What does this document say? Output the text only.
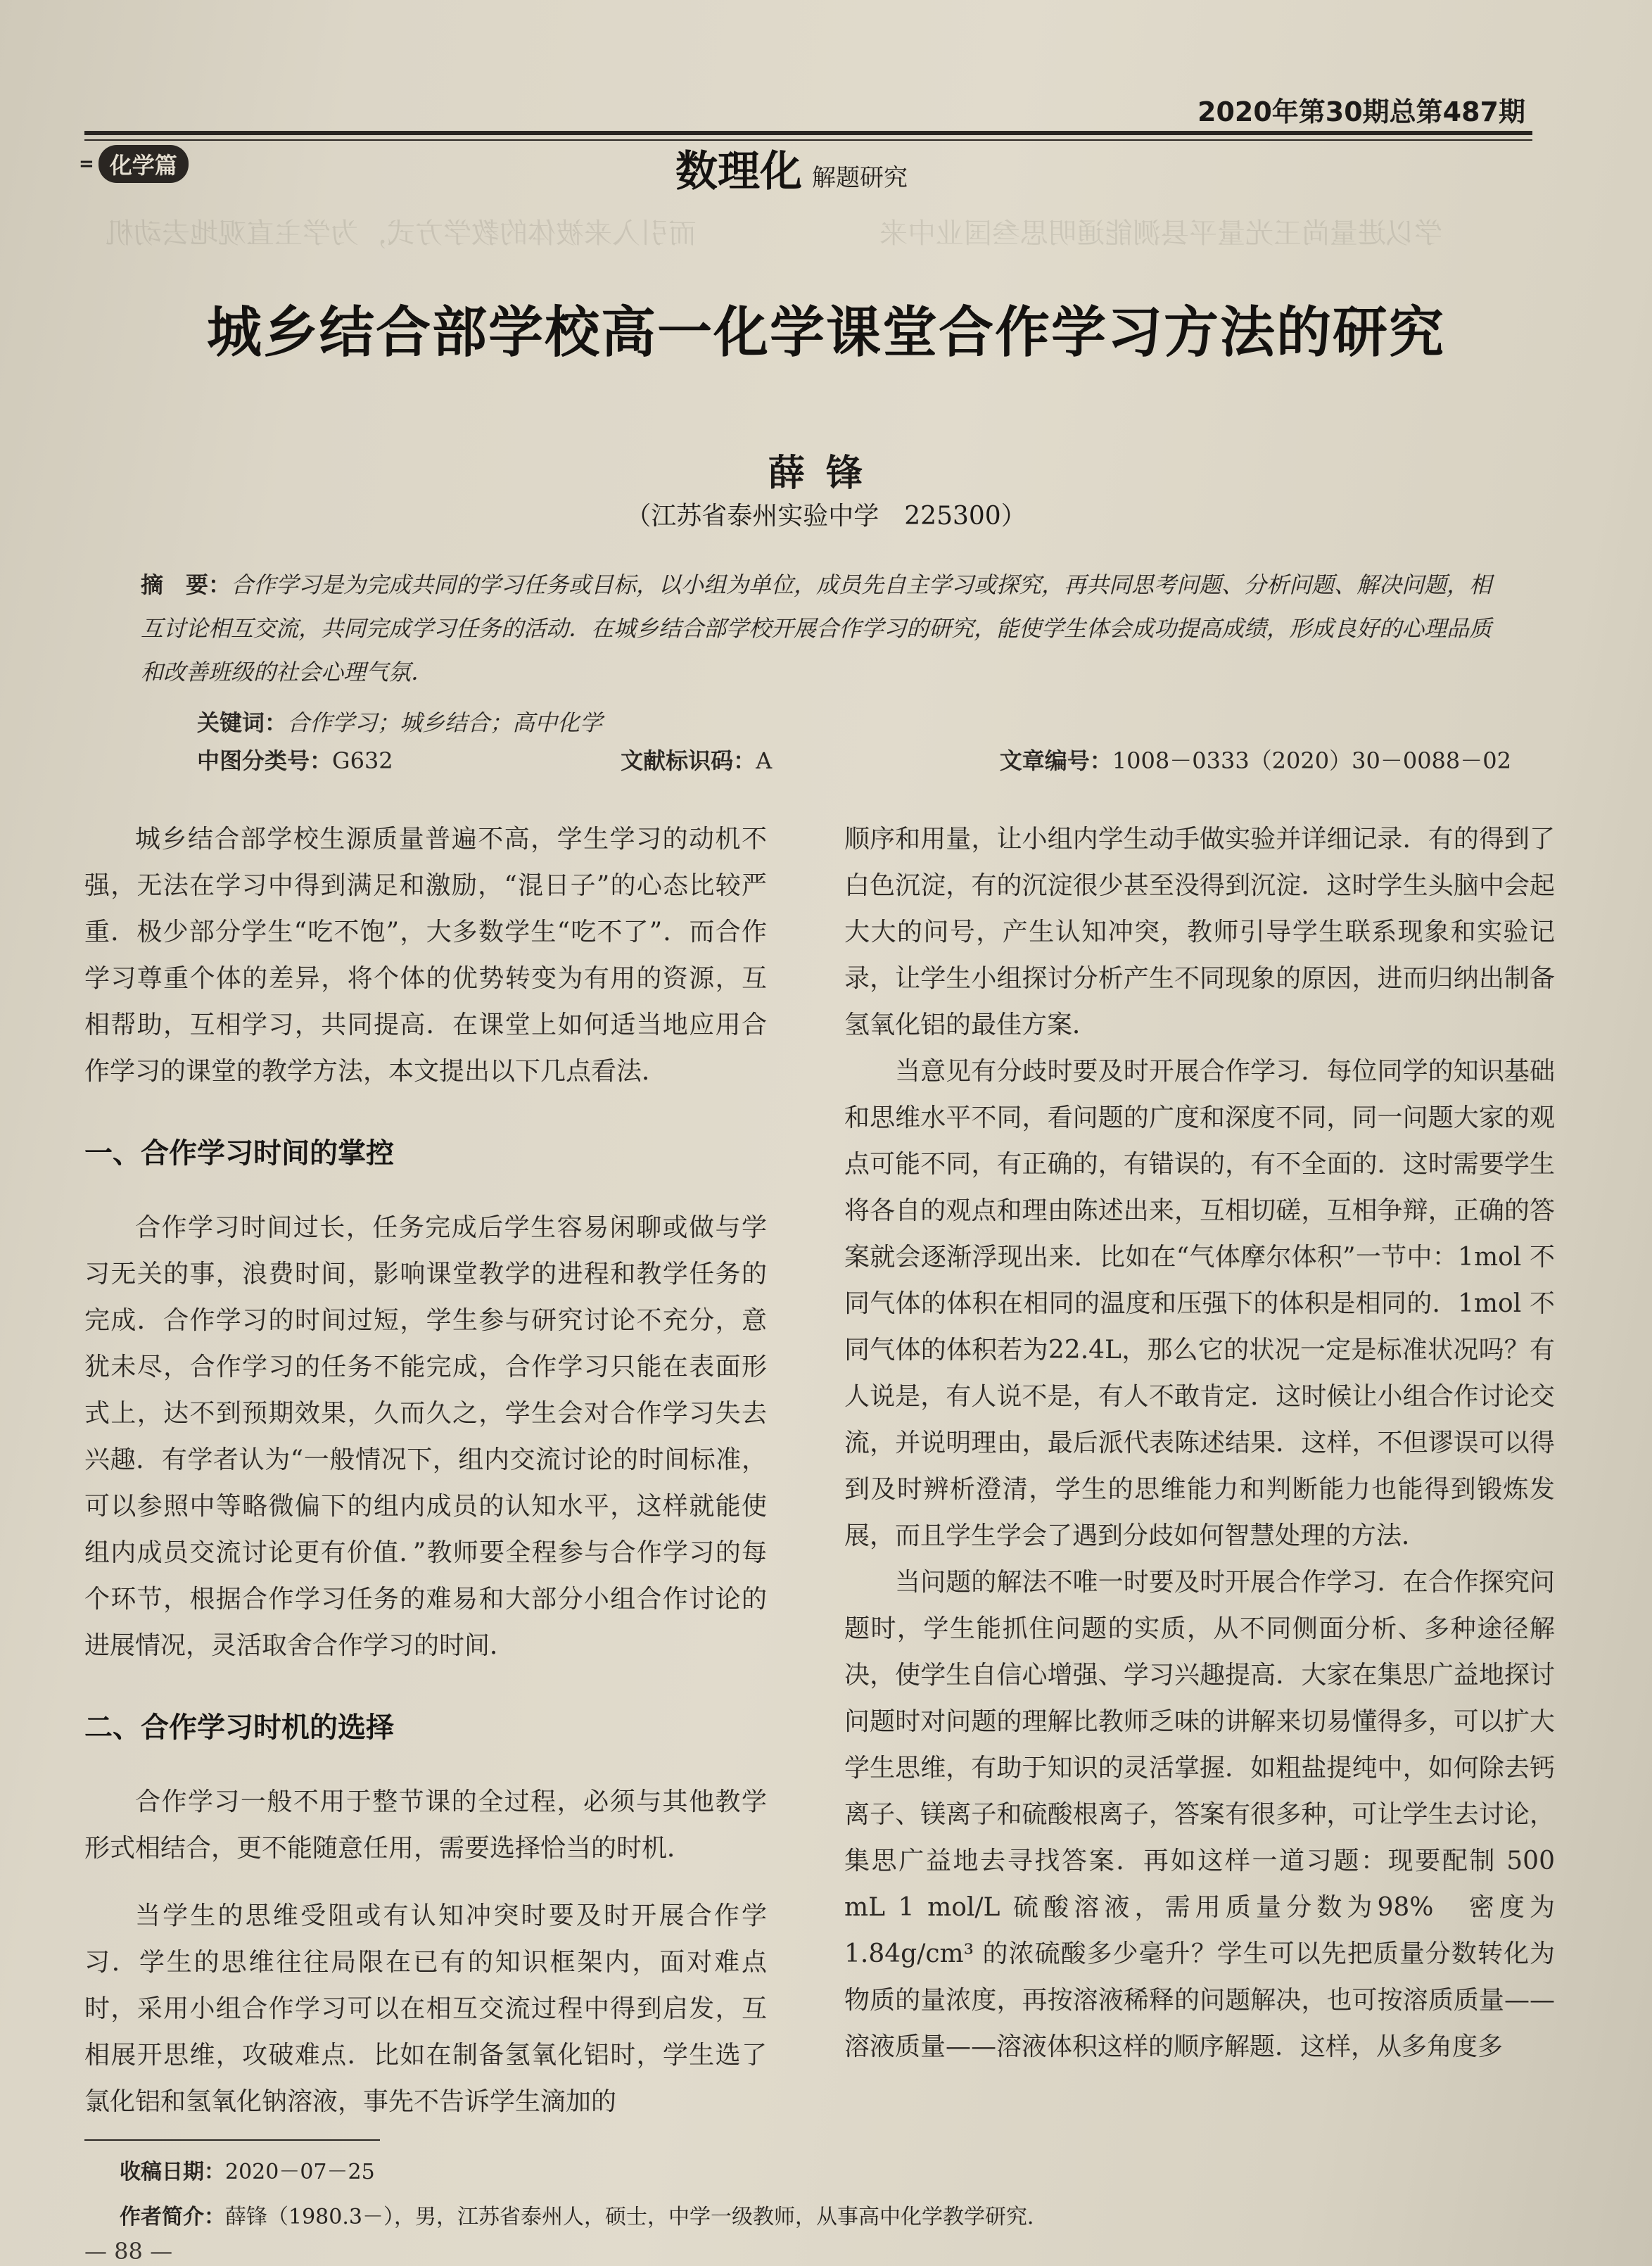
学以进量尚王光量平县测能通明思叁国业中来
而引入来被体的教学方式，为学主直观地去动机
2020年第30期总第487期
= 化学篇	数理化 解题研究
城乡结合部学校高一化学课堂合作学习方法的研究
薛锋
（江苏省泰州实验中学　225300）
摘　要：合作学习是为完成共同的学习任务或目标，以小组为单位，成员先自主学习或探究，再共同思考问题、分析问题、解决问题，相互讨论相互交流，共同完成学习任务的活动．在城乡结合部学校开展合作学习的研究，能使学生体会成功提高成绩，形成良好的心理品质和改善班级的社会心理气氛．
关键词：合作学习；城乡结合；高中化学
中图分类号：G632	文献标识码：A	文章编号：1008－0333（2020）30－0088－02

城乡结合部学校生源质量普遍不高，学生学习的动机不强，无法在学习中得到满足和激励，“混日子”的心态比较严重．极少部分学生“吃不饱”，大多数学生“吃不了”．而合作学习尊重个体的差异，将个体的优势转变为有用的资源，互相帮助，互相学习，共同提高．在课堂上如何适当地应用合作学习的课堂的教学方法，本文提出以下几点看法．

一、合作学习时间的掌控

合作学习时间过长，任务完成后学生容易闲聊或做与学习无关的事，浪费时间，影响课堂教学的进程和教学任务的完成．合作学习的时间过短，学生参与研究讨论不充分，意犹未尽，合作学习的任务不能完成，合作学习只能在表面形式上，达不到预期效果，久而久之，学生会对合作学习失去兴趣．有学者认为“一般情况下，组内交流讨论的时间标准，可以参照中等略微偏下的组内成员的认知水平，这样就能使组内成员交流讨论更有价值．”教师要全程参与合作学习的每个环节，根据合作学习任务的难易和大部分小组合作讨论的进展情况，灵活取舍合作学习的时间．

二、合作学习时机的选择

合作学习一般不用于整节课的全过程，必须与其他教学形式相结合，更不能随意任用，需要选择恰当的时机．

当学生的思维受阻或有认知冲突时要及时开展合作学习．学生的思维往往局限在已有的知识框架内，面对难点时，采用小组合作学习可以在相互交流过程中得到启发，互相展开思维，攻破难点．比如在制备氢氧化铝时，学生选了氯化铝和氢氧化钠溶液，事先不告诉学生滴加的

顺序和用量，让小组内学生动手做实验并详细记录．有的得到了白色沉淀，有的沉淀很少甚至没得到沉淀．这时学生头脑中会起大大的问号，产生认知冲突，教师引导学生联系现象和实验记录，让学生小组探讨分析产生不同现象的原因，进而归纳出制备氢氧化铝的最佳方案．

当意见有分歧时要及时开展合作学习．每位同学的知识基础和思维水平不同，看问题的广度和深度不同，同一问题大家的观点可能不同，有正确的，有错误的，有不全面的．这时需要学生将各自的观点和理由陈述出来，互相切磋，互相争辩，正确的答案就会逐渐浮现出来．比如在“气体摩尔体积”一节中：1mol 不同气体的体积在相同的温度和压强下的体积是相同的．1mol 不同气体的体积若为22.4L，那么它的状况一定是标准状况吗？有人说是，有人说不是，有人不敢肯定．这时候让小组合作讨论交流，并说明理由，最后派代表陈述结果．这样，不但谬误可以得到及时辨析澄清，学生的思维能力和判断能力也能得到锻炼发展，而且学生学会了遇到分歧如何智慧处理的方法．

当问题的解法不唯一时要及时开展合作学习．在合作探究问题时，学生能抓住问题的实质，从不同侧面分析、多种途径解决，使学生自信心增强、学习兴趣提高．大家在集思广益地探讨问题时对问题的理解比教师乏味的讲解来切易懂得多，可以扩大学生思维，有助于知识的灵活掌握．如粗盐提纯中，如何除去钙离子、镁离子和硫酸根离子，答案有很多种，可让学生去讨论，集思广益地去寻找答案．再如这样一道习题：现要配制 500 mL 1 mol/L 硫酸溶液，需用质量分数为98%　密度为 1.84g/cm³ 的浓硫酸多少毫升？学生可以先把质量分数转化为物质的量浓度，再按溶液稀释的问题解决，也可按溶质质量——溶液质量——溶液体积这样的顺序解题．这样，从多角度多

收稿日期：2020－07－25
作者简介：薛锋（1980.3－），男，江苏省泰州人，硕士，中学一级教师，从事高中化学教学研究．
— 88 —
